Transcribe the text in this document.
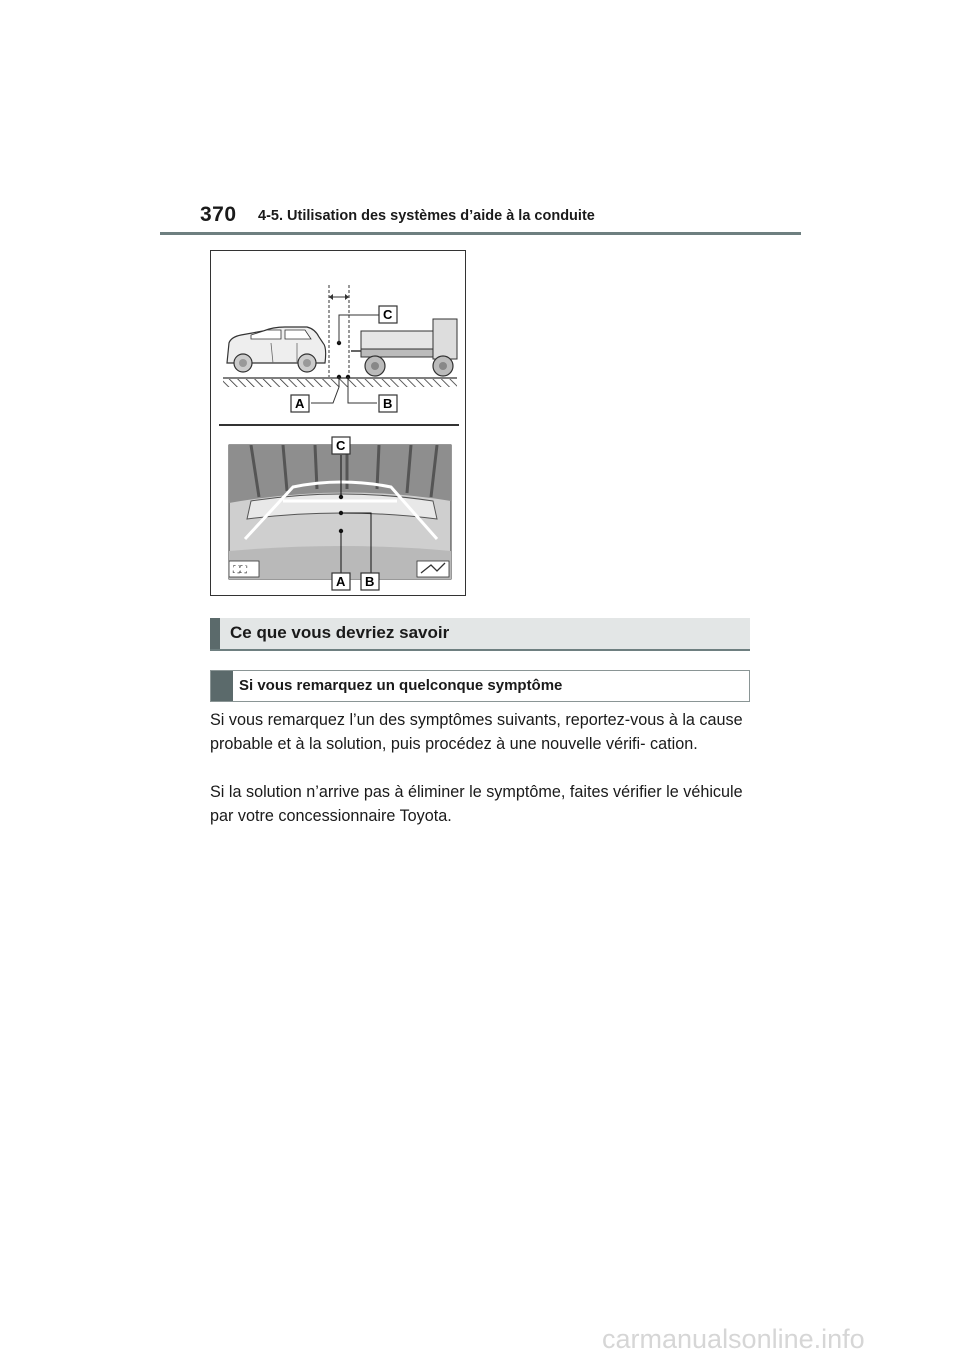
370 4-5. Utilisation des systèmes d’aide à la conduite
C
A	B
⛶⛶
C
A B
Ce que vous devriez savoir
Si vous remarquez un quelconque symptôme

Si vous remarquez l’un des symptômes suivants, reportez-vous à la cause probable et à la solution, puis procédez à une nouvelle vérifi- cation.

Si la solution n’arrive pas à éliminer le symptôme, faites vérifier le véhicule par votre concessionnaire Toyota.

carmanualsonline.info
